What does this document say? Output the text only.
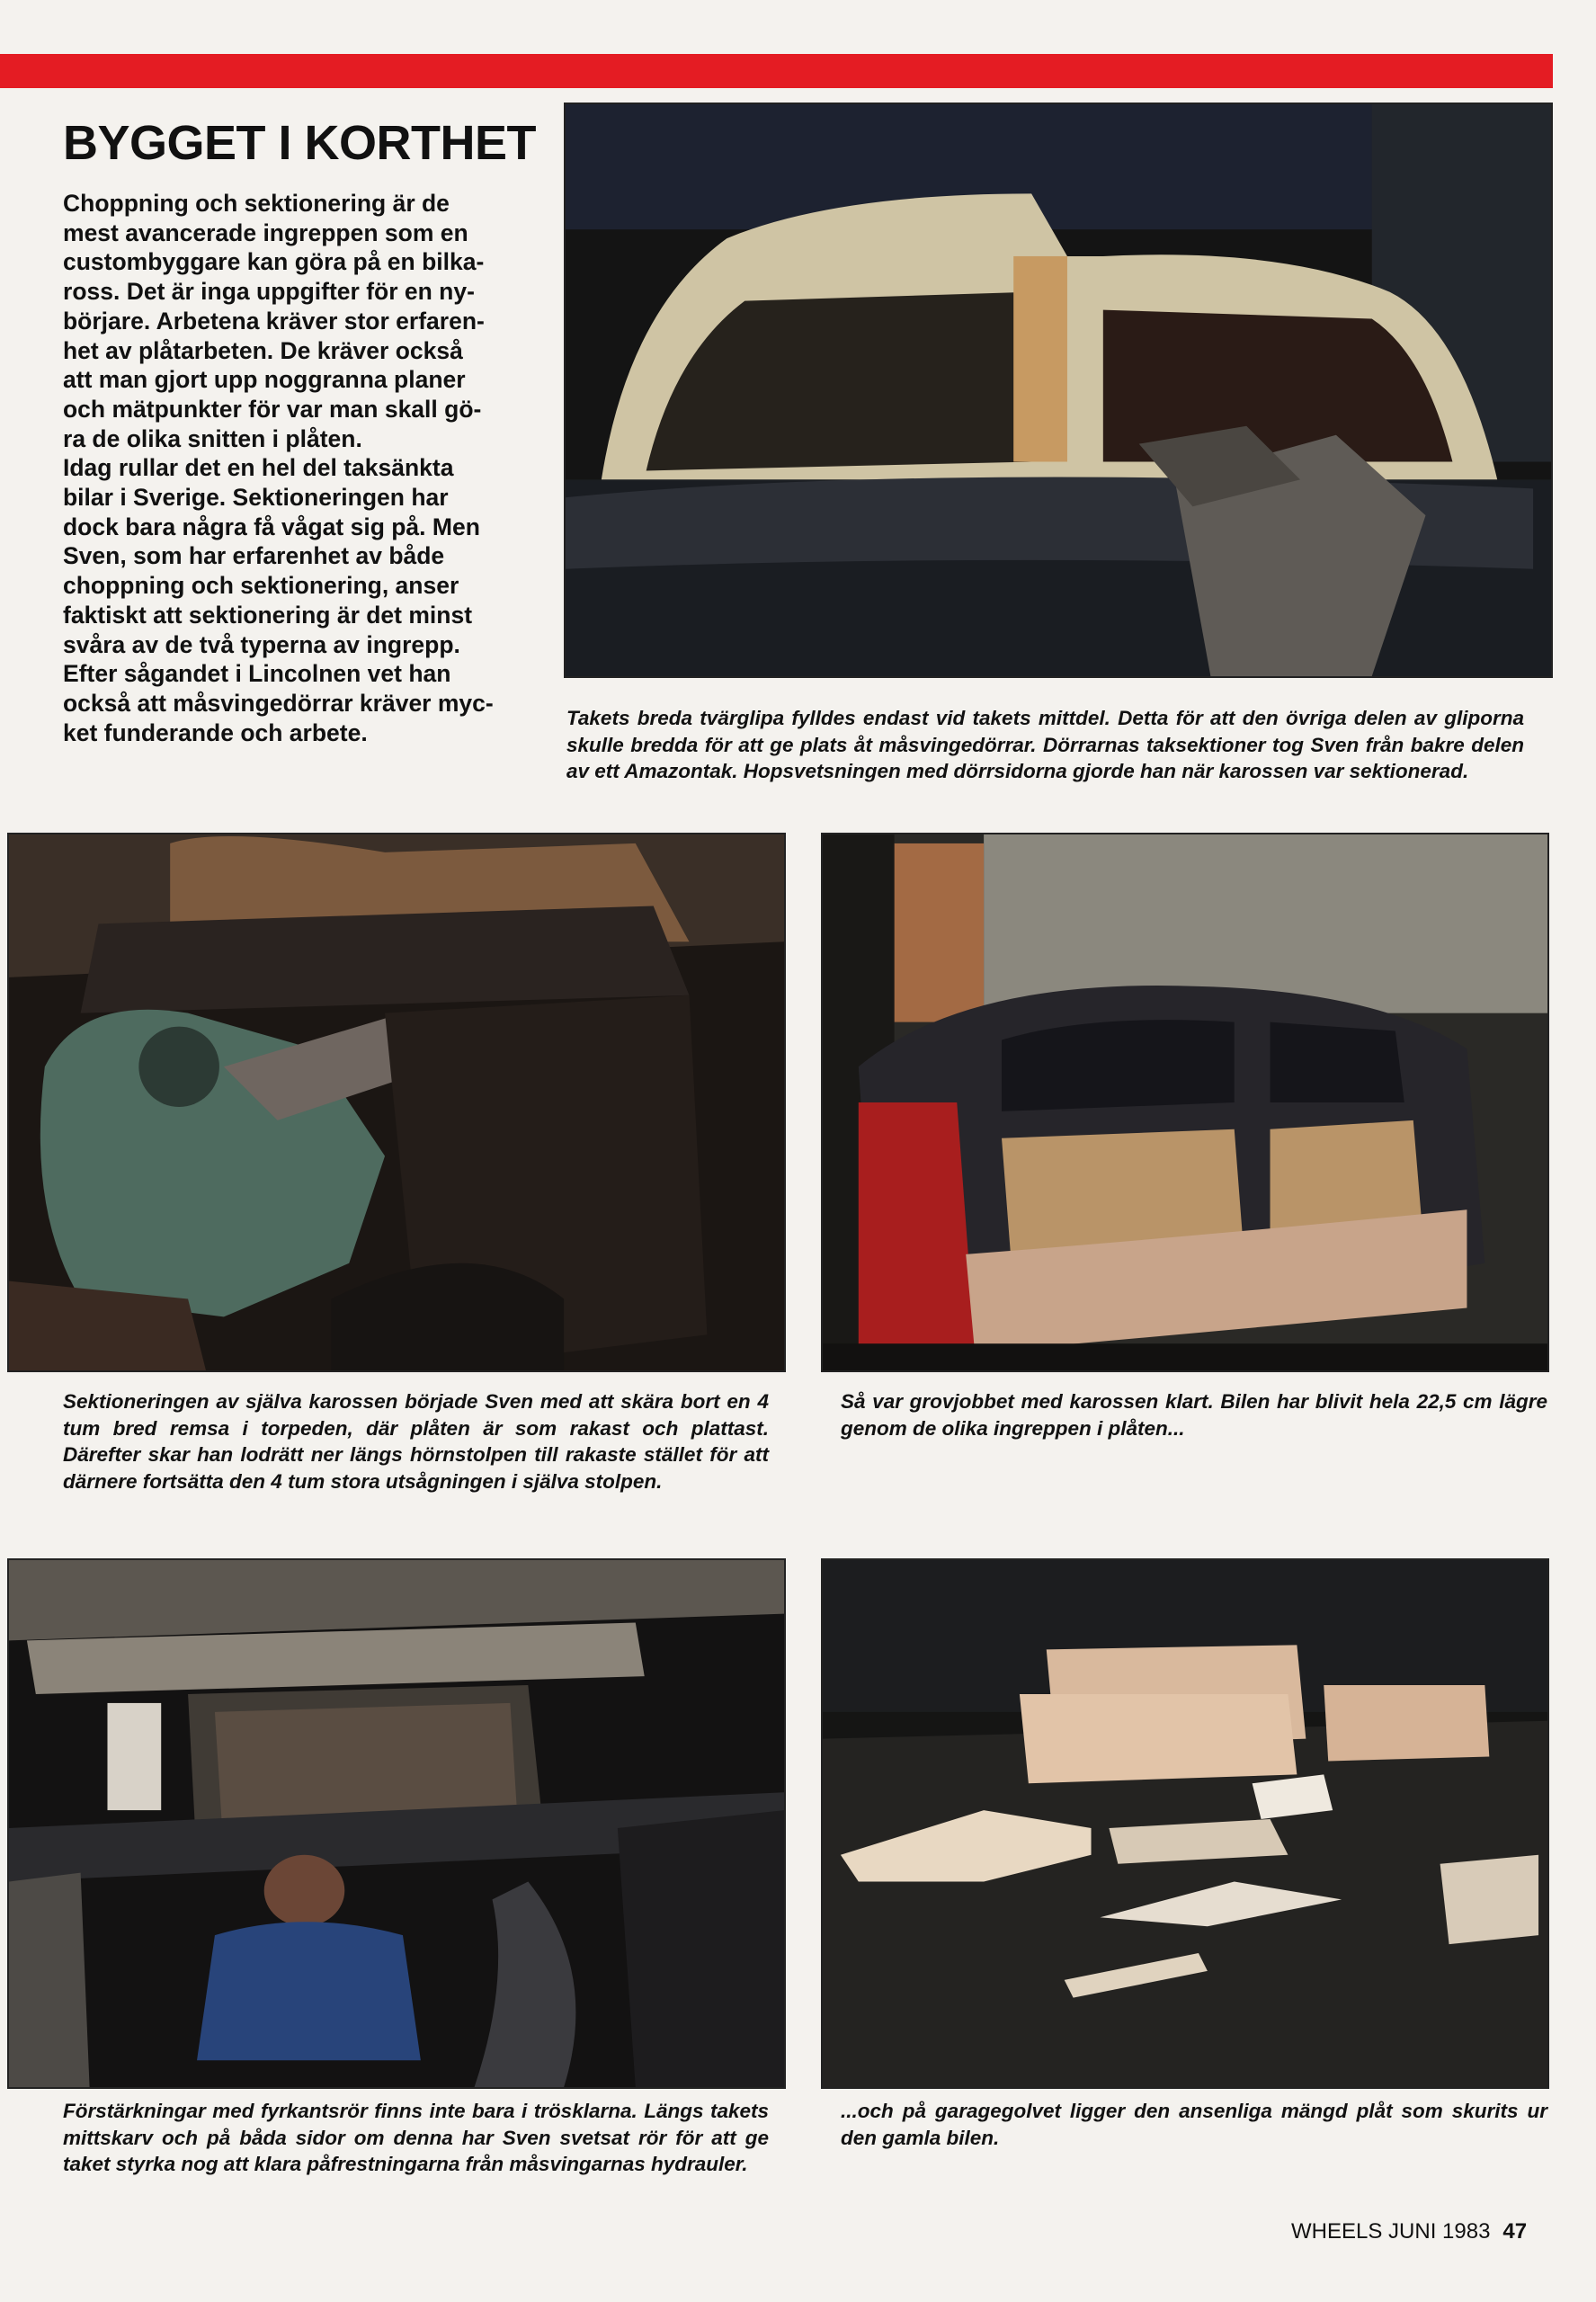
BYGGET I KORTHET

Choppning och sektionering är de
mest avancerade ingreppen som en
custombyggare kan göra på en bilka-
ross. Det är inga uppgifter för en ny-
börjare. Arbetena kräver stor erfaren-
het av plåtarbeten. De kräver också
att man gjort upp noggranna planer
och mätpunkter för var man skall gö-
ra de olika snitten i plåten.
Idag rullar det en hel del taksänkta
bilar i Sverige. Sektioneringen har
dock bara några få vågat sig på. Men
Sven, som har erfarenhet av både
choppning och sektionering, anser
faktiskt att sektionering är det minst
svåra av de två typerna av ingrepp.
Efter sågandet i Lincolnen vet han
också att måsvingedörrar kräver myc-
ket funderande och arbete.

Takets breda tvärglipa fylldes endast vid takets mittdel. Detta för att den övriga delen av gliporna skulle bredda för att ge plats åt måsvingedörrar. Dörrarnas taksektioner tog Sven från bakre delen av ett Amazontak. Hopsvetsningen med dörrsidorna gjorde han när karossen var sektionerad.

Sektioneringen av själva karossen började Sven med att skära bort en 4 tum bred remsa i torpeden, där plåten är som rakast och plattast. Därefter skar han lodrätt ner längs hörnstolpen till rakaste stället för att därnere fortsätta den 4 tum stora utsågningen i själva stolpen.

Så var grovjobbet med karossen klart. Bilen har blivit hela 22,5 cm lägre genom de olika ingreppen i plåten...

Förstärkningar med fyrkantsrör finns inte bara i trösklarna. Längs takets mittskarv och på båda sidor om denna har Sven svetsat rör för att ge taket styrka nog att klara påfrestningarna från måsvingarnas hydrauler.

...och på garagegolvet ligger den ansenliga mängd plåt som skurits ur den gamla bilen.

WHEELS JUNI 1983 47
